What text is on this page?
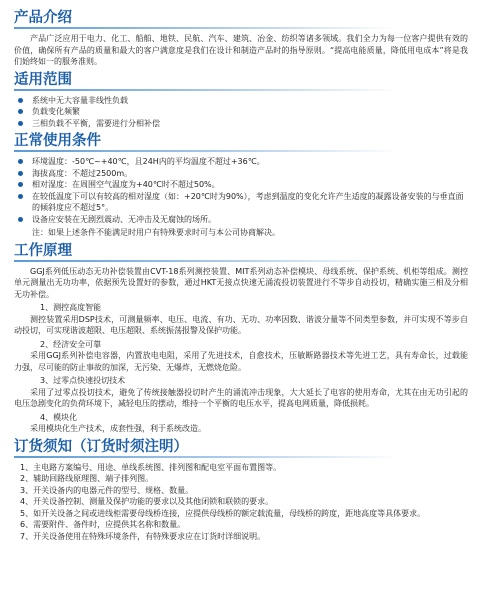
产品介绍

产品广泛应用于电力、化工、船舶、地铁、民航、汽车、建筑、冶金、纺织等诸多领域。我们全力为每一位客户提供有效的价值，确保所有产品的质量和最大的客户满意度是我们在设计和制造产品时的指导原则。“提高电能质量，降低用电成本”将是我们始终如一的服务准则。

适用范围
系统中无大容量非线性负载
负载变化频繁
三相负载不平衡，需要进行分相补偿
正常使用条件
环境温度：-50℃~+40℃，且24H内的平均温度不超过+36℃。
海拔高度：不超过2500m。
相对湿度：在周围空气温度为+40℃时不超过50%。
在较低温度下可以有较高的相对湿度（如：+20℃时为90%），考虑到温度的变化允许产生适度的凝露设备安装的与垂直面的倾斜度应不超过5°。
设备应安装在无剧烈震动、无冲击及无腐蚀的场所。

注：如果上述条件不能满足时用户有特殊要求时可与本公司协商解决。

工作原理

GGJ系列低压动态无功补偿装置由CVT-18系列测控装置、MIT系列动态补偿模块、母线系统、保护系统、机柜等组成。测控单元测量出无功功率，依据预先设置好的参数，通过HKT无接点快速无涌流投切装置进行不等步自动投切，精确实施三相及分相无功补偿。

1、测控高度智能

测控装置采用DSP技术，可测量频率、电压、电流、有功、无功、功率因数、谐波分量等不同类型参数，并可实现不等步自动投切，可实现谐波超限、电压超限、系统振荡报警及保护功能。

2、经济安全可靠

采用GGJ系列补偿电容器，内置放电电阻，采用了先进技术，自愈技术，压敏断路器技术等先进工艺，具有寿命长，过载能力强，尽可能的防止事故的加深，无污染、无爆炸，无燃烧危险。

3、过零点快速投切技术

采用了过零点投切技术，避免了传统接触器投切时产生的涌流冲击现象，大大延长了电容的使用寿命，尤其在由无功引起的电压急剧变化的负荷环境下，减轻电压的摆动，维持一个平衡的电压水平，提高电网质量，降低损耗。

4、模块化

采用模块化生产技术，成套性强，利于系统改造。

订货须知（订货时须注明）
1、主电路方案编号、用途、单线系统图、排列图和配电室平面布置图等。
2、辅助回路线原理图、端子排列图。
3、开关设备内的电器元件的型号、规格、数量。
4、开关设备控制、测量及保护功能的要求以及其他闭锁和联锁的要求。
5、如开关设备之间或进线柜需要母线桥连接，应提供母线桥的额定载流量，母线桥的跨度，距地高度等具体要求。
6、需要附件、备件时，应提供其名称和数量。
7、开关设备使用在特殊环境条件，有特殊要求应在订货时详细说明。
